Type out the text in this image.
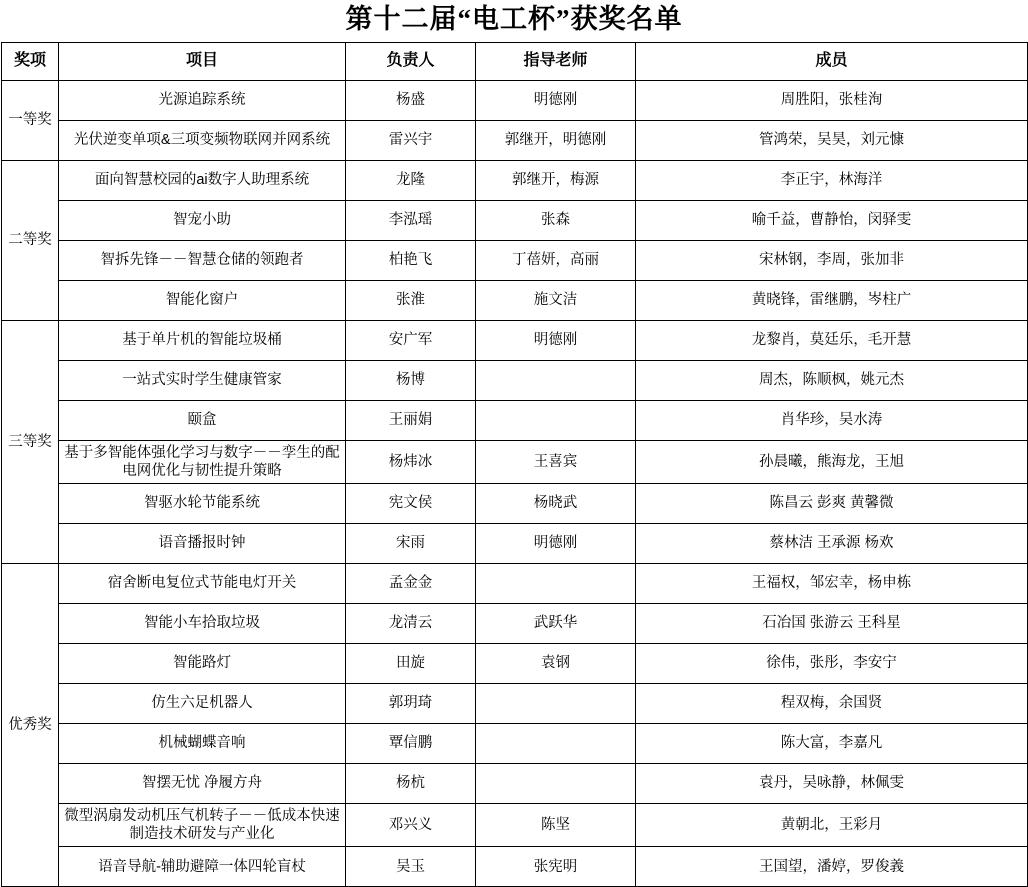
第十二届“电工杯”获奖名单
奖项	项目	负责人	指导老师	成员
一等奖	光源追踪系统	杨盛	明德刚	周胜阳，张桂洵
	光伏逆变单项&三项变频物联网并网系统	雷兴宇	郭继开，明德刚	管鸿荣，吴昊，刘元慷
二等奖	面向智慧校园的ai数字人助理系统	龙隆	郭继开，梅源	李正宇，林海洋
	智宠小助	李泓瑶	张森	喻千益，曹静怡，闵驿雯
	智拆先锋－－智慧仓储的领跑者	柏艳飞	丁蓓妍，高丽	宋林钢，李周，张加非
	智能化窗户	张淮	施文洁	黄晓锋，雷继鹏，岑柱广
三等奖	基于单片机的智能垃圾桶	安广军	明德刚	龙黎肖，莫廷乐，毛开慧
	一站式实时学生健康管家	杨博		周杰，陈顺枫，姚元杰
	颐盒	王丽娟		肖华珍，吴水涛
	基于多智能体强化学习与数字－－孪生的配电网优化与韧性提升策略	杨炜冰	王喜宾	孙晨曦，熊海龙，王旭
	智驱水轮节能系统	宪文侯	杨晓武	陈昌云 彭爽 黄馨微
	语音播报时钟	宋雨	明德刚	蔡林洁 王承源 杨欢
优秀奖	宿舍断电复位式节能电灯开关	孟金金		王福权，邹宏幸，杨申栋
	智能小车拾取垃圾	龙清云	武跃华	石冶国 张游云 王科星
	智能路灯	田旋	袁钢	徐伟，张彤，李安宁
	仿生六足机器人	郭玥琦		程双梅，余国贤
	机械蝴蝶音响	覃信鹏		陈大富，李嘉凡
	智摆无忧 净履方舟	杨杭		袁丹，吴咏静，林佩雯
	微型涡扇发动机压气机转子－－低成本快速制造技术研发与产业化	邓兴义	陈坚	黄朝北，王彩月
	语音导航-辅助避障一体四轮盲杖	吴玉	张宪明	王国望，潘婷，罗俊義
